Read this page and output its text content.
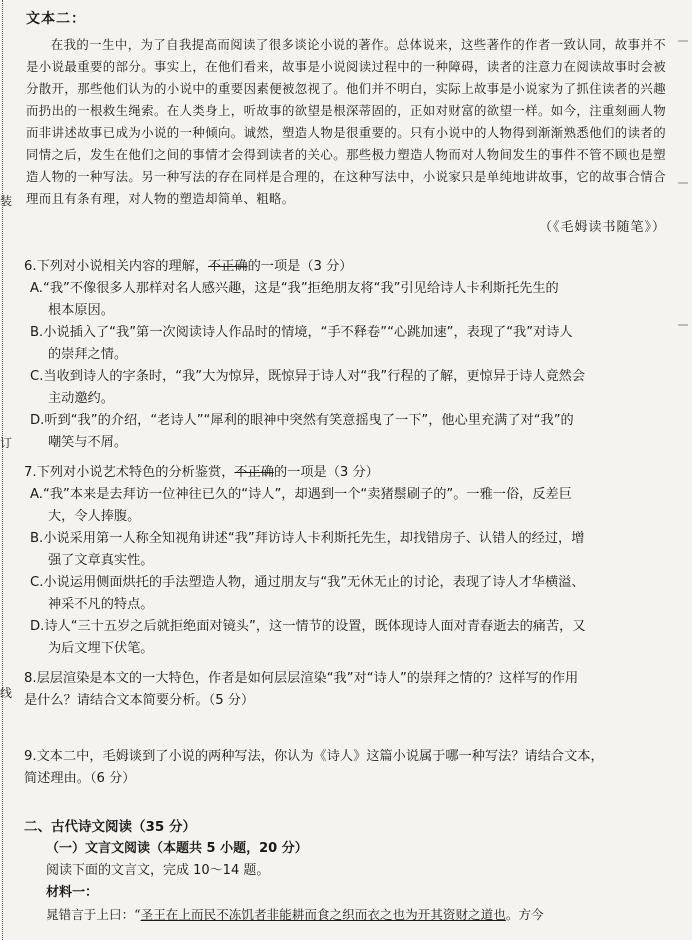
装
订
线
文本二：
在我的一生中，为了自我提高而阅读了很多谈论小说的著作。总体说来，这些著作的作者一致认同，故事并不是小说最重要的部分。事实上，在他们看来，故事是小说阅读过程中的一种障碍，读者的注意力在阅读故事时会被分散开，那些他们认为的小说中的重要因素便被忽视了。他们并不明白，实际上故事是小说家为了抓住读者的兴趣而扔出的一根救生绳索。在人类身上，听故事的欲望是根深蒂固的，正如对财富的欲望一样。如今，注重刻画人物而非讲述故事已成为小说的一种倾向。诚然，塑造人物是很重要的。只有小说中的人物得到渐渐熟悉他们的读者的同情之后，发生在他们之间的事情才会得到读者的关心。那些极力塑造人物而对人物间发生的事件不管不顾也是塑造人物的一种写法。另一种写法的存在同样是合理的，在这种写法中，小说家只是单纯地讲故事，它的故事合情合理而且有条有理，对人物的塑造却简单、粗略。
（《毛姆读书随笔》）
6.下列对小说相关内容的理解，不正确的一项是（3 分）
A.“我”不像很多人那样对名人感兴趣，这是“我”拒绝朋友将“我”引见给诗人卡利斯托先生的
根本原因。
B.小说插入了“我”第一次阅读诗人作品时的情境，“手不释卷”“心跳加速”，表现了“我”对诗人
的崇拜之情。
C.当收到诗人的字条时，“我”大为惊异，既惊异于诗人对“我”行程的了解，更惊异于诗人竟然会
主动邀约。
D.听到“我”的介绍，“老诗人”“犀利的眼神中突然有笑意摇曳了一下”，他心里充满了对“我”的
嘲笑与不屑。
7.下列对小说艺术特色的分析鉴赏，不正确的一项是（3 分）
A.“我”本来是去拜访一位神往已久的“诗人”，却遇到一个“卖猪鬃刷子的”。一雅一俗，反差巨
大，令人捧腹。
B.小说采用第一人称全知视角讲述“我”拜访诗人卡利斯托先生，却找错房子、认错人的经过，增
强了文章真实性。
C.小说运用侧面烘托的手法塑造人物，通过朋友与“我”无休无止的讨论，表现了诗人才华横溢、
神采不凡的特点。
D.诗人“三十五岁之后就拒绝面对镜头”，这一情节的设置，既体现诗人面对青春逝去的痛苦，又
为后文埋下伏笔。
8.层层渲染是本文的一大特色，作者是如何层层渲染“我”对“诗人”的崇拜之情的？这样写的作用
是什么？请结合文本简要分析。（5 分）
9.文本二中，毛姆谈到了小说的两种写法，你认为《诗人》这篇小说属于哪一种写法？请结合文本，
简述理由。（6 分）
二、古代诗文阅读（35 分）
（一）文言文阅读（本题共 5 小题，20 分）
阅读下面的文言文，完成 10～14 题。
材料一：
晁错言于上曰：“圣王在上而民不冻饥者非能耕而食之织而衣之也为开其资财之道也。方今
